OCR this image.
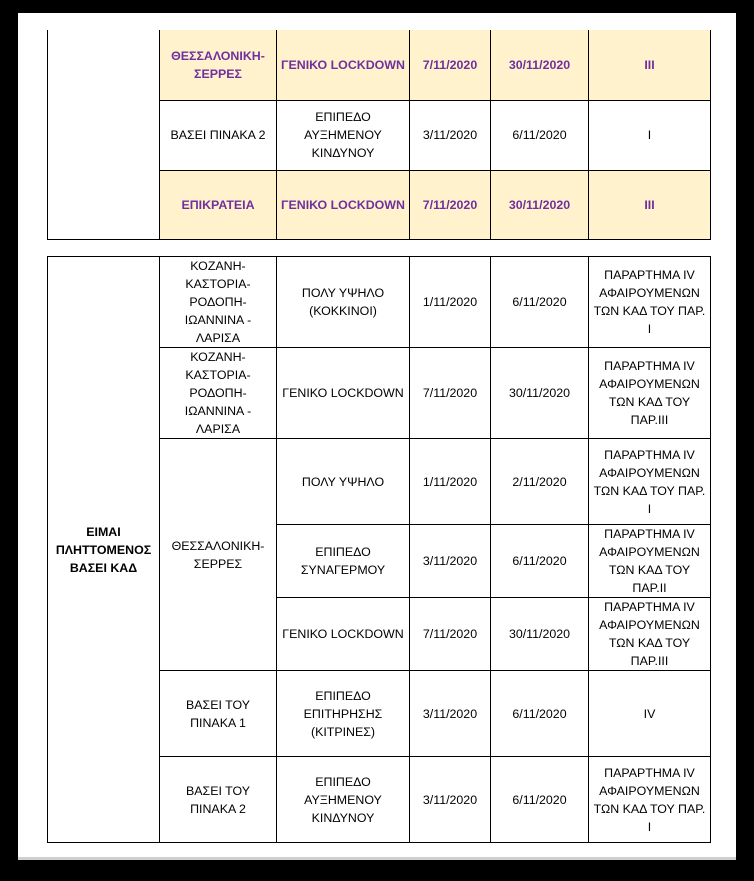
	ΘΕΣΣΑΛΟΝΙΚΗ-ΣΕΡΡΕΣ	ΓΕΝΙΚΟ LOCKDOWN	7/11/2020	30/11/2020	III
	ΒΑΣΕΙ ΠΙΝΑΚΑ 2	ΕΠΙΠΕΔΟ ΑΥΞΗΜΕΝΟΥ ΚΙΝΔΥΝΟΥ	3/11/2020	6/11/2020	Ι
	ΕΠΙΚΡΑΤΕΙΑ	ΓΕΝΙΚΟ LOCKDOWN	7/11/2020	30/11/2020	III
ΕΙΜΑΙ ΠΛΗΤΤΟΜΕΝΟΣ ΒΑΣΕΙ ΚΑΔ	ΚΟΖΑΝΗ-ΚΑΣΤΟΡΙΑ-ΡΟΔΟΠΗ-ΙΩΑΝΝΙΝΑ - ΛΑΡΙΣΑ	ΠΟΛΥ ΥΨΗΛΟ (ΚΟΚΚΙΝΟΙ)	1/11/2020	6/11/2020	ΠΑΡΑΡΤΗΜΑ IV ΑΦΑΙΡΟΥΜΕΝΩΝ ΤΩΝ ΚΑΔ ΤΟΥ ΠΑΡ. Ι
	ΚΟΖΑΝΗ-ΚΑΣΤΟΡΙΑ-ΡΟΔΟΠΗ-ΙΩΑΝΝΙΝΑ - ΛΑΡΙΣΑ	ΓΕΝΙΚΟ LOCKDOWN	7/11/2020	30/11/2020	ΠΑΡΑΡΤΗΜΑ IV ΑΦΑΙΡΟΥΜΕΝΩΝ ΤΩΝ ΚΑΔ ΤΟΥ ΠΑΡ.ΙΙΙ
	ΘΕΣΣΑΛΟΝΙΚΗ-ΣΕΡΡΕΣ	ΠΟΛΥ ΥΨΗΛΟ	1/11/2020	2/11/2020	ΠΑΡΑΡΤΗΜΑ IV ΑΦΑΙΡΟΥΜΕΝΩΝ ΤΩΝ ΚΑΔ ΤΟΥ ΠΑΡ. Ι
		ΕΠΙΠΕΔΟ ΣΥΝΑΓΕΡΜΟΥ	3/11/2020	6/11/2020	ΠΑΡΑΡΤΗΜΑ IV ΑΦΑΙΡΟΥΜΕΝΩΝ ΤΩΝ ΚΑΔ ΤΟΥ ΠΑΡ.ΙΙ
		ΓΕΝΙΚΟ LOCKDOWN	7/11/2020	30/11/2020	ΠΑΡΑΡΤΗΜΑ IV ΑΦΑΙΡΟΥΜΕΝΩΝ ΤΩΝ ΚΑΔ ΤΟΥ ΠΑΡ.ΙΙΙ
	ΒΑΣΕΙ ΤΟΥ ΠΙΝΑΚΑ 1	ΕΠΙΠΕΔΟ ΕΠΙΤΗΡΗΣΗΣ (ΚΙΤΡΙΝΕΣ)	3/11/2020	6/11/2020	IV
	ΒΑΣΕΙ ΤΟΥ ΠΙΝΑΚΑ 2	ΕΠΙΠΕΔΟ ΑΥΞΗΜΕΝΟΥ ΚΙΝΔΥΝΟΥ	3/11/2020	6/11/2020	ΠΑΡΑΡΤΗΜΑ IV ΑΦΑΙΡΟΥΜΕΝΩΝ ΤΩΝ ΚΑΔ ΤΟΥ ΠΑΡ. Ι
